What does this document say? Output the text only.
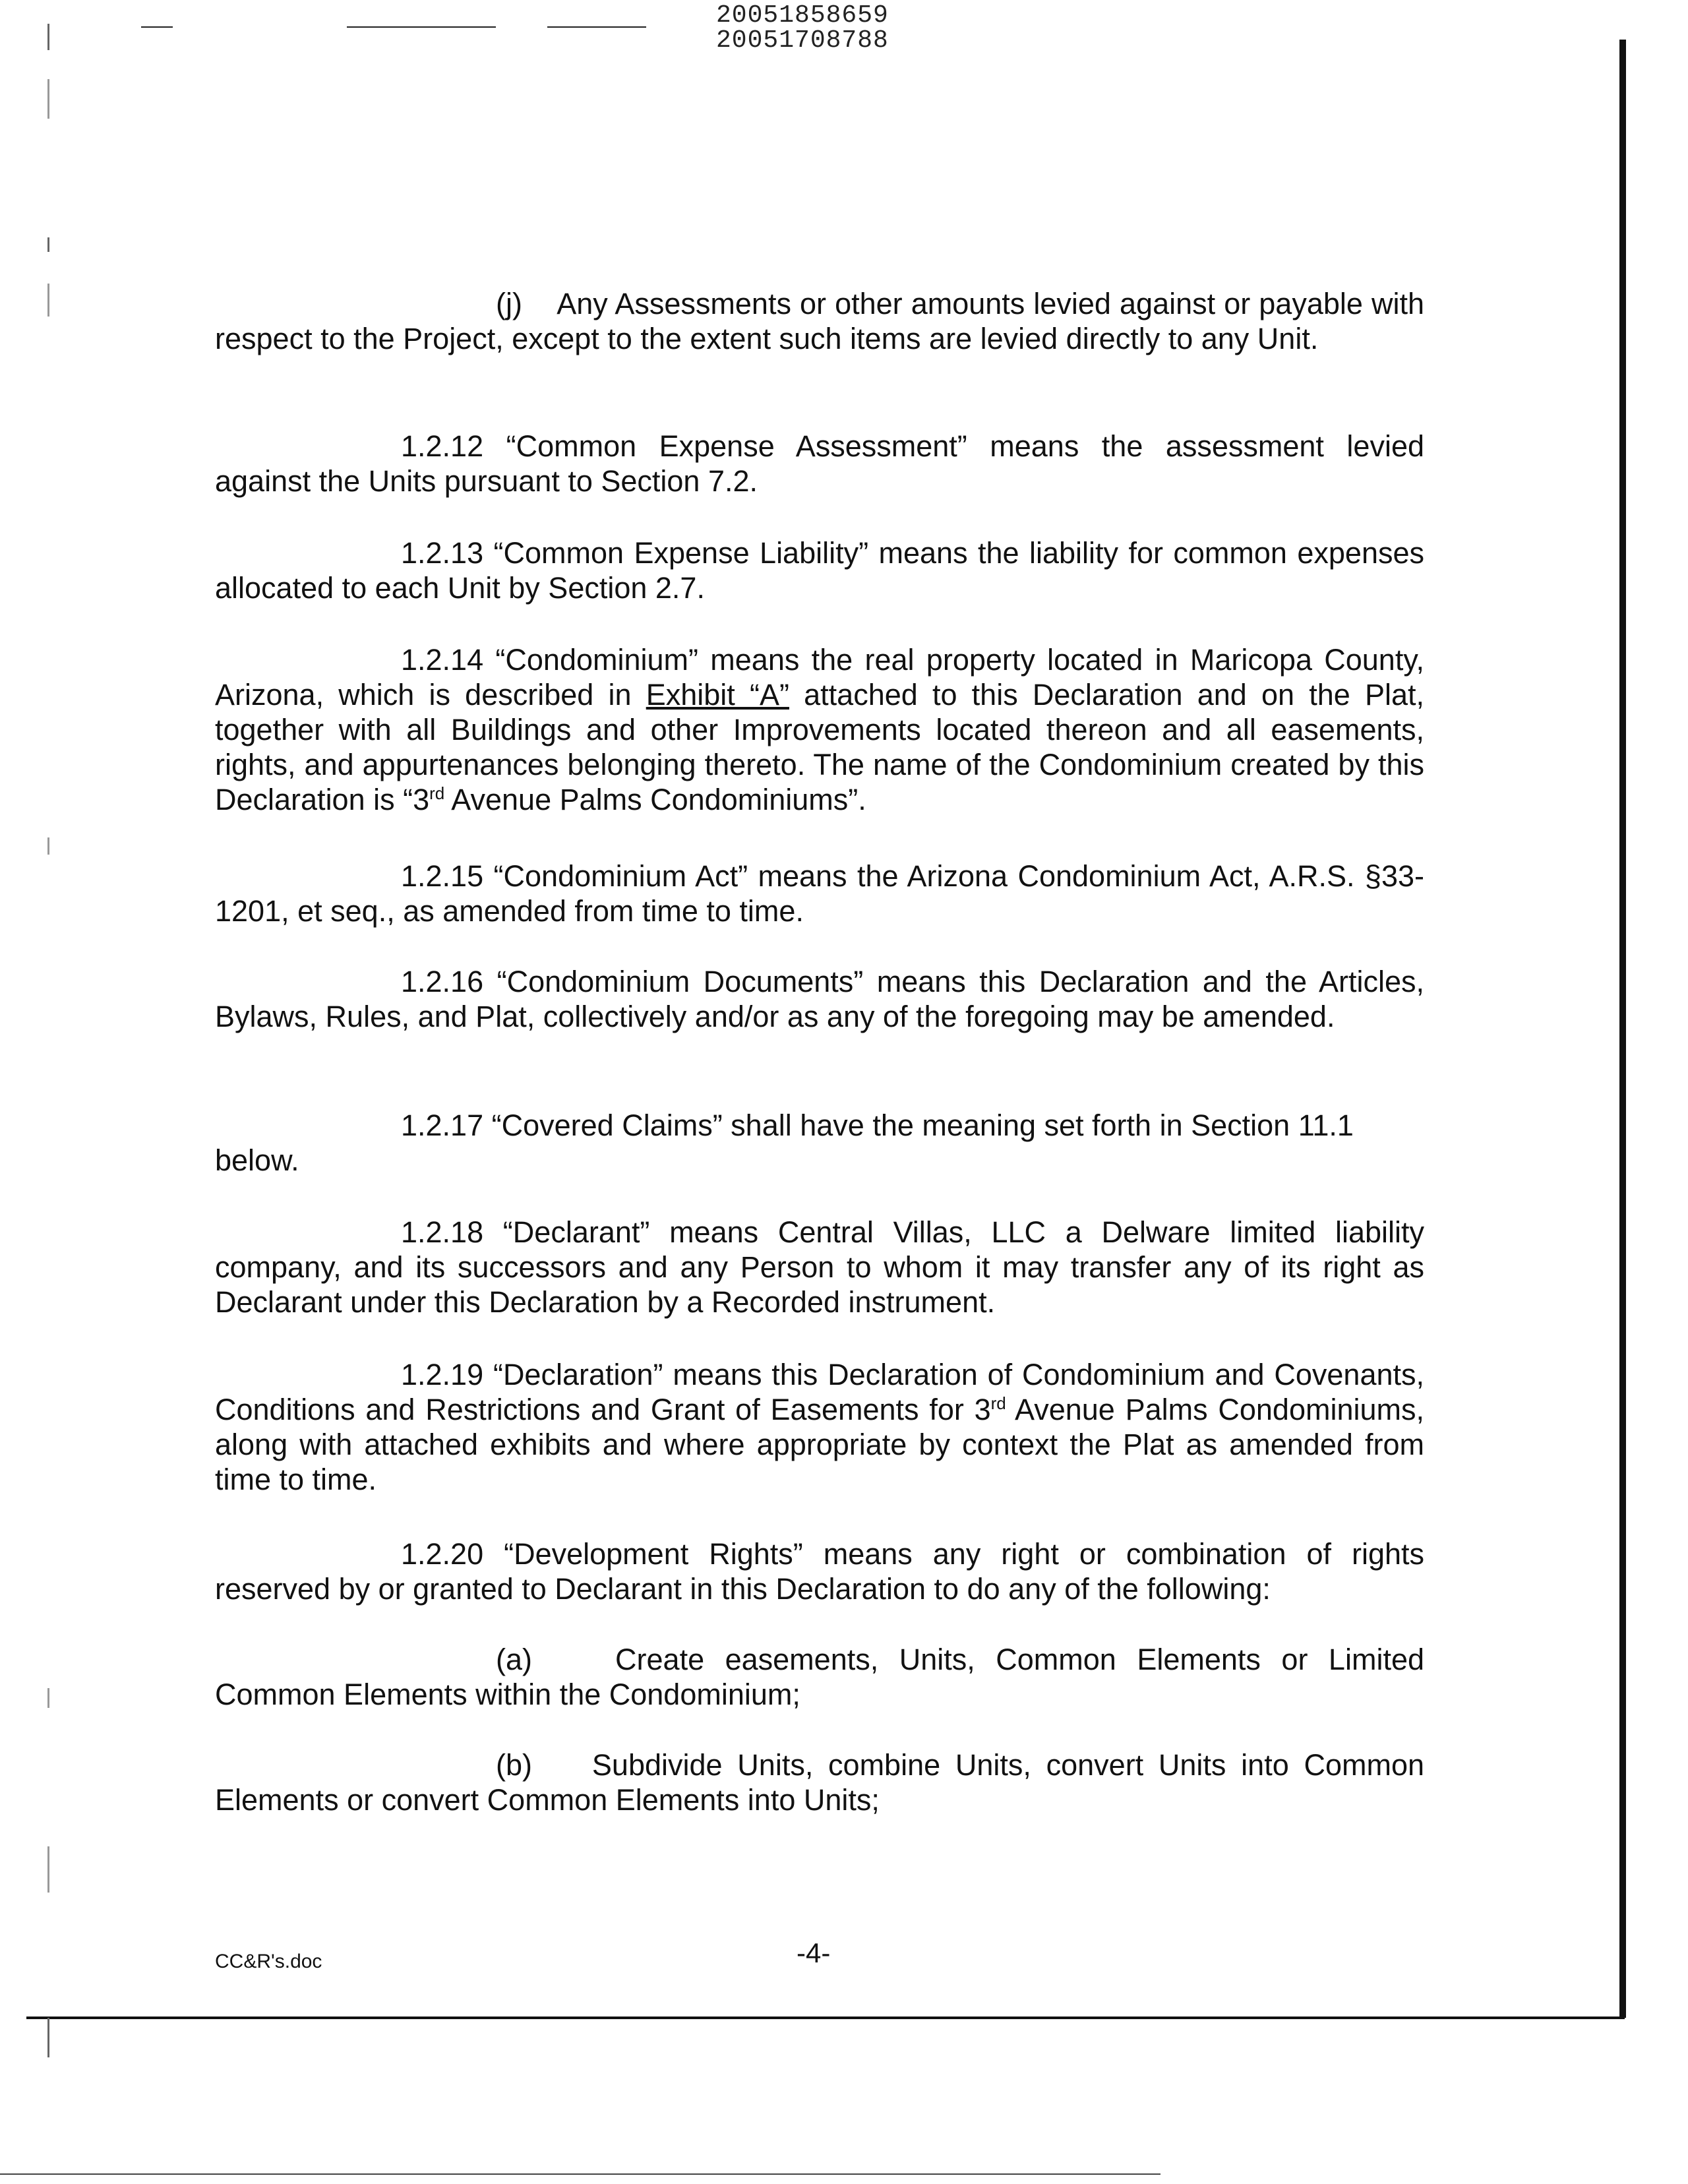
20051858659
20051708788

(j) Any Assessments or other amounts levied against or payable with respect to the Project, except to the extent such items are levied directly to any Unit.

1.2.12 “Common Expense Assessment” means the assessment levied against the Units pursuant to Section 7.2.

1.2.13 “Common Expense Liability” means the liability for common expenses allocated to each Unit by Section 2.7.

1.2.14 “Condominium” means the real property located in Maricopa County, Arizona, which is described in Exhibit “A” attached to this Declaration and on the Plat, together with all Buildings and other Improvements located thereon and all easements, rights, and appurtenances belonging thereto. The name of the Condominium created by this Declaration is “3rd Avenue Palms Condominiums”.

1.2.15 “Condominium Act” means the Arizona Condominium Act, A.R.S. §33-1201, et seq., as amended from time to time.

1.2.16 “Condominium Documents” means this Declaration and the Articles, Bylaws, Rules, and Plat, collectively and/or as any of the foregoing may be amended.

1.2.17 “Covered Claims” shall have the meaning set forth in Section 11.1

below.

1.2.18 “Declarant” means Central Villas, LLC a Delware limited liability company, and its successors and any Person to whom it may transfer any of its right as Declarant under this Declaration by a Recorded instrument.

1.2.19 “Declaration” means this Declaration of Condominium and Covenants, Conditions and Restrictions and Grant of Easements for 3rd Avenue Palms Condominiums, along with attached exhibits and where appropriate by context the Plat as amended from time to time.

1.2.20 “Development Rights” means any right or combination of rights reserved by or granted to Declarant in this Declaration to do any of the following:

(a)	Create easements, Units, Common Elements or Limited Common Elements within the Condominium;

(b) Subdivide Units, combine Units, convert Units into Common Elements or convert Common Elements into Units;

CC&R's.doc	-4-
